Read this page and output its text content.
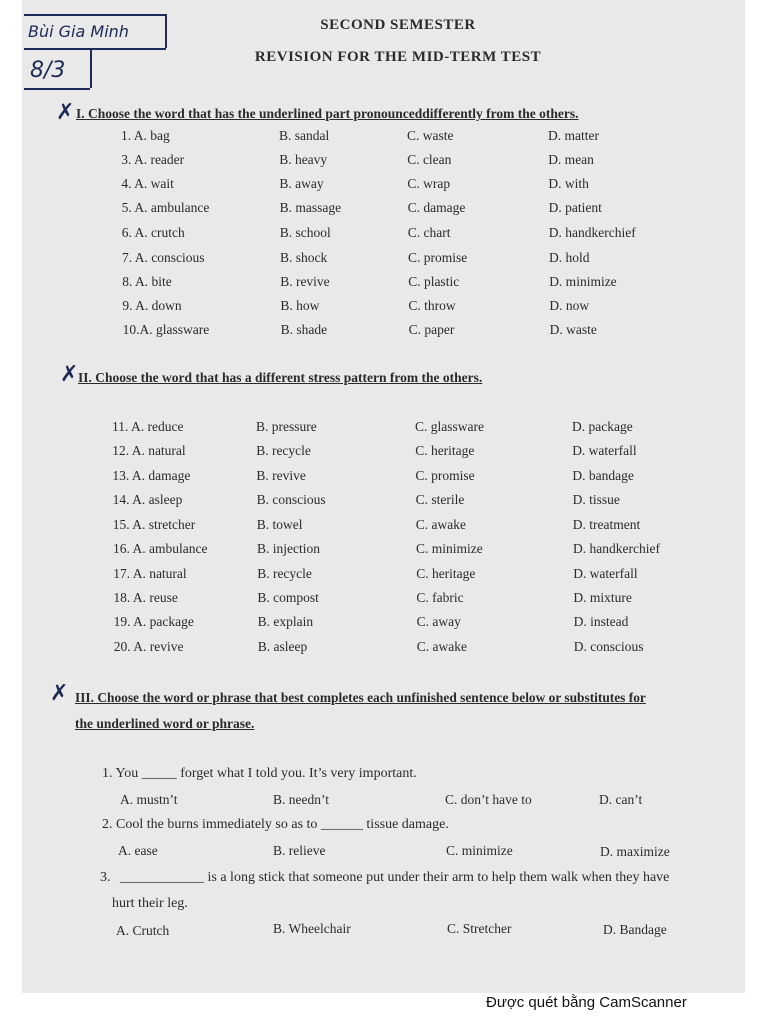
Bùi Gia Minh
8/3
SECOND SEMESTER
REVISION FOR THE MID-TERM TEST
✗ I. Choose the word that has the underlined part pronounceddifferently from the others.
1. A. bag	B. sandal	C. waste	D. matter
3. A. reader	B. heavy	C. clean	D. mean
4. A. wait	B. away	C. wrap	D. with
5. A. ambulance	B. massage	C. damage	D. patient
6. A. crutch	B. school	C. chart	D. handkerchief
7. A. conscious	B. shock	C. promise	D. hold
8. A. bite	B. revive	C. plastic	D. minimize
9. A. down	B. how	C. throw	D. now
10.A. glassware	B. shade	C. paper	D. waste
✗ II. Choose the word that has a different stress pattern from the others.
11. A. reduce	B. pressure	C. glassware	D. package
12. A. natural	B. recycle	C. heritage	D. waterfall
13. A. damage	B. revive	C. promise	D. bandage
14. A. asleep	B. conscious	C. sterile	D. tissue
15. A. stretcher	B. towel	C. awake	D. treatment
16. A. ambulance	B. injection	C. minimize	D. handkerchief
17. A. natural	B. recycle	C. heritage	D. waterfall
18. A. reuse	B. compost	C. fabric	D. mixture
19. A. package	B. explain	C. away	D. instead
20. A. revive	B. asleep	C. awake	D. conscious
✗ III. Choose the word or phrase that best completes each unfinished sentence below or substitutes for
the underlined word or phrase.
1. You _____ forget what I told you. It’s very important.
A. mustn’t	B. needn’t	C. don’t have to	D. can’t
2. Cool the burns immediately so as to ______ tissue damage.
A. ease	B. relieve	C. minimize	D. maximize
3. ____________ is a long stick that someone put under their arm to help them walk when they have
hurt their leg.
A. Crutch	B. Wheelchair	C. Stretcher	D. Bandage
Được quét bằng CamScanner
